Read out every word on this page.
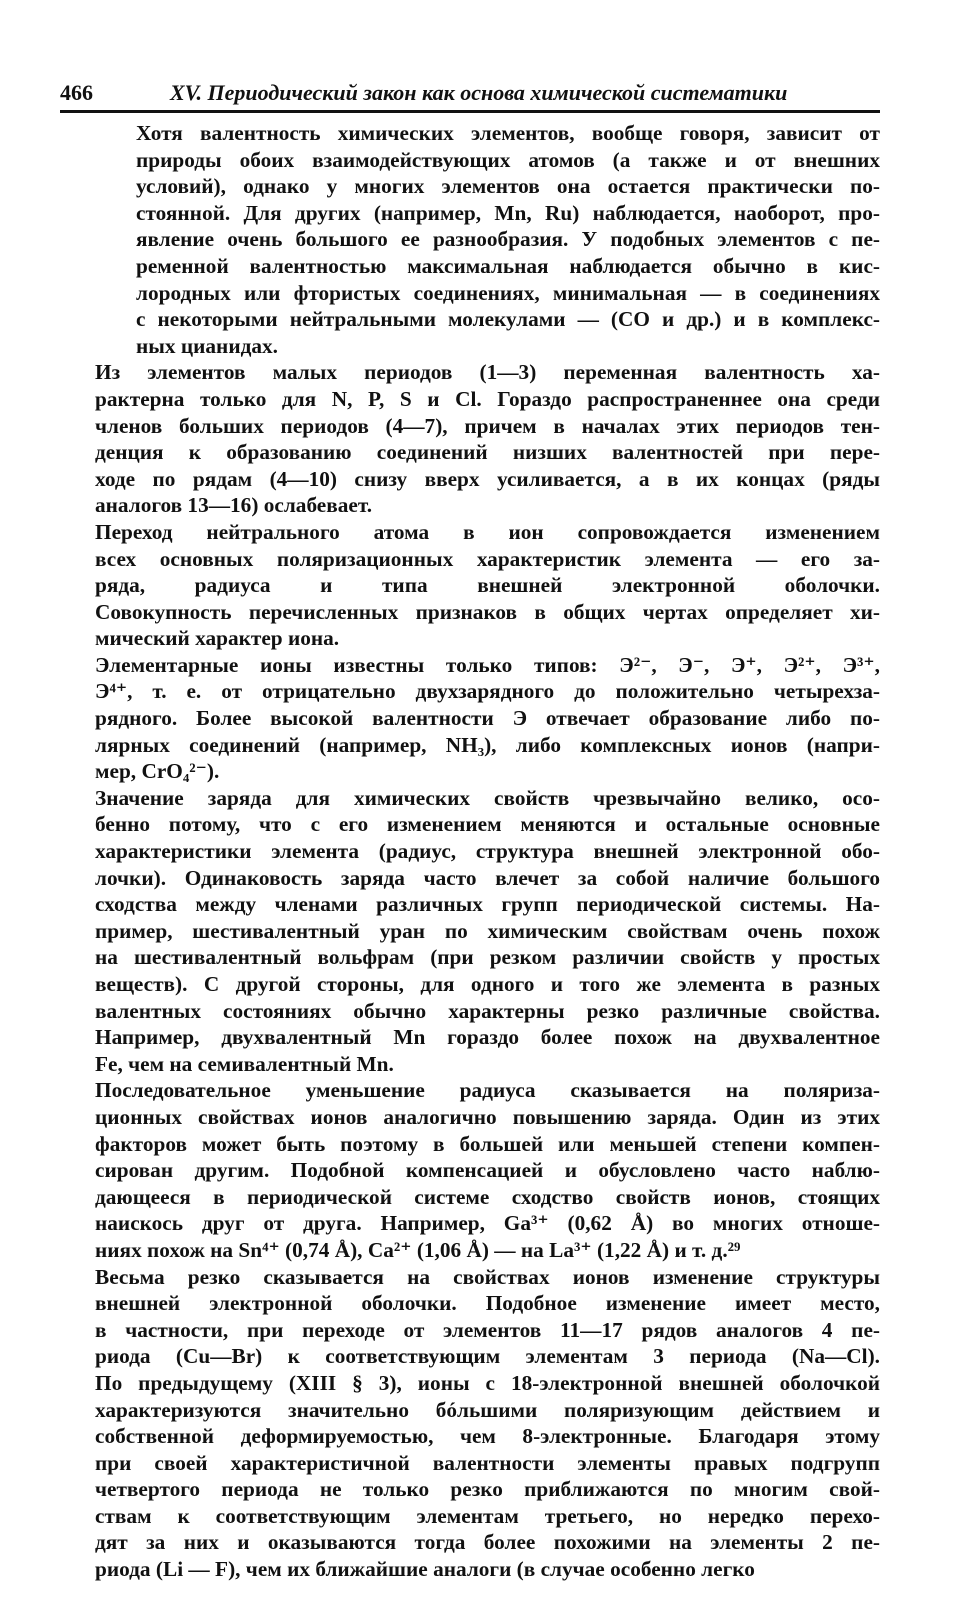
466	XV. Периодический закон как основа химической систематики

Хотя валентность химических элементов, вообще говоря, зависит от
природы обоих взаимодействующих атомов (а также и от внешних
условий), однако у многих элементов она остается практически по-
стоянной. Для других (например, Mn, Ru) наблюдается, наоборот, про-
явление очень большого ее разнообразия. У подобных элементов с пе-
ременной валентностью максимальная наблюдается обычно в кис-
лородных или фтористых соединениях, минимальная — в соединениях
с некоторыми нейтральными молекулами — (CO и др.) и в комплекс-
ных цианидах.

Из элементов малых периодов (1—3) переменная валентность ха-
рактерна только для N, P, S и Cl. Гораздо распространеннее она среди
членов больших периодов (4—7), причем в началах этих периодов тен-
денция к образованию соединений низших валентностей при пере-
ходе по рядам (4—10) снизу вверх усиливается, а в их концах (ряды
аналогов 13—16) ослабевает.

Переход нейтрального атома в ион сопровождается изменением
всех основных поляризационных характеристик элемента — его за-
ряда, радиуса и типа внешней электронной оболочки.
Совокупность перечисленных признаков в общих чертах определяет хи-
мический характер иона.

Элементарные ионы известны только типов: Э²⁻, Э⁻, Э⁺, Э²⁺, Э³⁺,
Э⁴⁺, т. е. от отрицательно двухзарядного до положительно четырехза-
рядного. Более высокой валентности Э отвечает образование либо по-
лярных соединений (например, NH₃), либо комплексных ионов (напри-
мер, CrO₄²⁻).

Значение заряда для химических свойств чрезвычайно велико, осо-
бенно потому, что с его изменением меняются и остальные основные
характеристики элемента (радиус, структура внешней электронной обо-
лочки). Одинаковость заряда часто влечет за собой наличие большого
сходства между членами различных групп периодической системы. На-
пример, шестивалентный уран по химическим свойствам очень похож
на шестивалентный вольфрам (при резком различии свойств у простых
веществ). С другой стороны, для одного и того же элемента в разных
валентных состояниях обычно характерны резко различные свойства.
Например, двухвалентный Mn гораздо более похож на двухвалентное
Fe, чем на семивалентный Mn.

Последовательное уменьшение радиуса сказывается на поляриза-
ционных свойствах ионов аналогично повышению заряда. Один из этих
факторов может быть поэтому в большей или меньшей степени компен-
сирован другим. Подобной компенсацией и обусловлено часто наблю-
дающееся в периодической системе сходство свойств ионов, стоящих
наискось друг от друга. Например, Ga³⁺ (0,62 Å) во многих отноше-
ниях похож на Sn⁴⁺ (0,74 Å), Ca²⁺ (1,06 Å) — на La³⁺ (1,22 Å) и т. д.²⁹

Весьма резко сказывается на свойствах ионов изменение структуры
внешней электронной оболочки. Подобное изменение имеет место,
в частности, при переходе от элементов 11—17 рядов аналогов 4 пе-
риода (Cu—Br) к соответствующим элементам 3 периода (Na—Cl).
По предыдущему (XIII § 3), ионы с 18-электронной внешней оболочкой
характеризуются значительно бóльшими поляризующим действием и
собственной деформируемостью, чем 8-электронные. Благодаря этому
при своей характеристичной валентности элементы правых подгрупп
четвертого периода не только резко приближаются по многим свой-
ствам к соответствующим элементам третьего, но нередко перехо-
дят за них и оказываются тогда более похожими на элементы 2 пе-
риода (Li — F), чем их ближайшие аналоги (в случае особенно легко
